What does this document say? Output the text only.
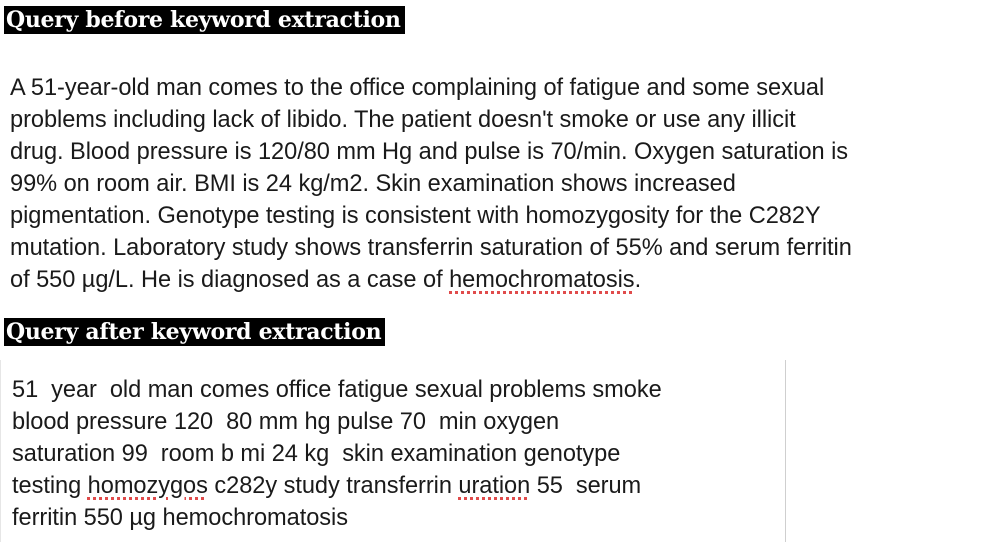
Query before keyword extraction
A 51-year-old man comes to the office complaining of fatigue and some sexual
problems including lack of libido. The patient doesn't smoke or use any illicit
drug. Blood pressure is 120/80 mm Hg and pulse is 70/min. Oxygen saturation is
99% on room air. BMI is 24 kg/m2. Skin examination shows increased
pigmentation. Genotype testing is consistent with homozygosity for the C282Y
mutation. Laboratory study shows transferrin saturation of 55% and serum ferritin
of 550 µg/L. He is diagnosed as a case of hemochromatosis.
Query after keyword extraction
51  year  old man comes office fatigue sexual problems smoke
blood pressure 120  80 mm hg pulse 70  min oxygen
saturation 99  room b mi 24 kg  skin examination genotype
testing homozygos c282y study transferrin uration 55  serum
ferritin 550 µg hemochromatosis
